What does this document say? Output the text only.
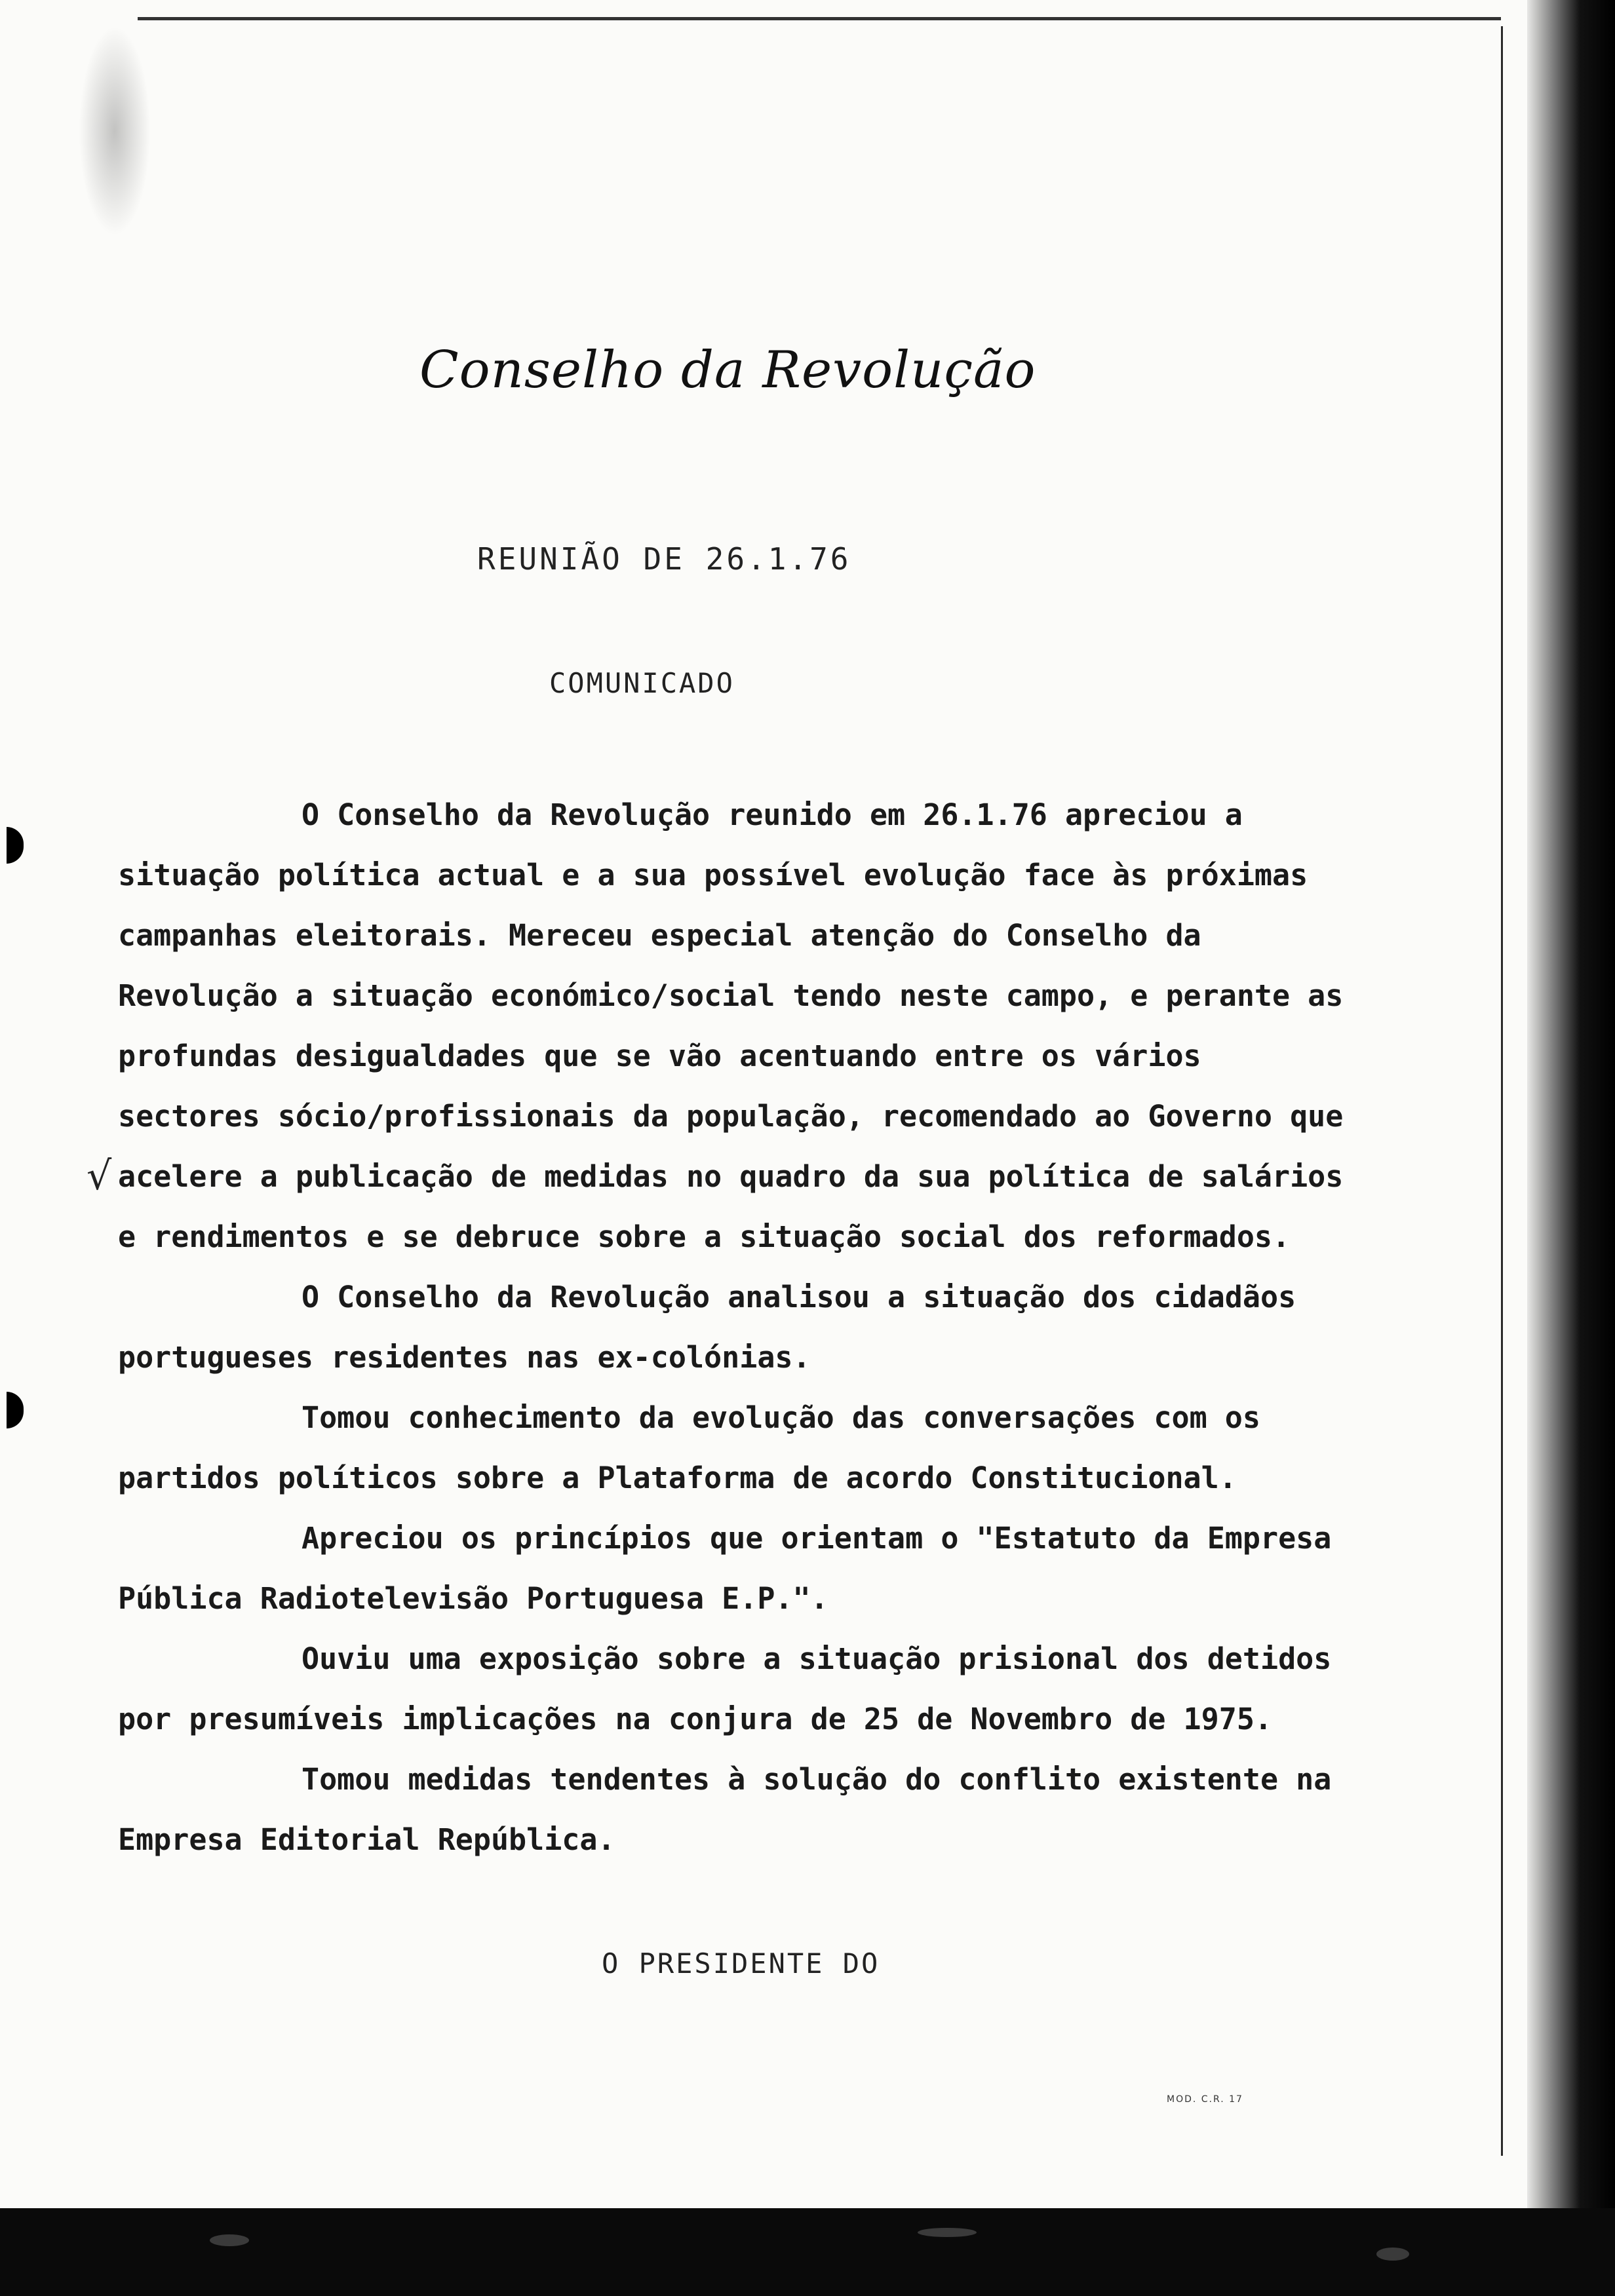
√
Conselho da Revolução
REUNIÃO DE 26.1.76
COMUNICADO

O Conselho da Revolução reunido em 26.1.76 apreciou a situação política actual e a sua possível evolução face às próximas campanhas eleitorais. Mereceu especial atenção do Conselho da Revolução a situação económico/social tendo neste campo, e perante as profundas desigualdades que se vão acentuando entre os vários sectores sócio/profissionais da população, recomendado ao Governo que acelere a publicação de medidas no quadro da sua política de salários e rendimentos e se debruce sobre a situação social dos reformados.

O Conselho da Revolução analisou a situação dos cidadãos portugueses residentes nas ex-colónias.

Tomou conhecimento da evolução das conversações com os partidos políticos sobre a Plataforma de acordo Constitucional.

Apreciou os princípios que orientam o "Estatuto da Empresa Pública Radiotelevisão Portuguesa E.P.".

Ouviu uma exposição sobre a situação prisional dos detidos por presumíveis implicações na conjura de 25 de Novembro de 1975.

Tomou medidas tendentes à solução do conflito existente na Empresa Editorial República.

O PRESIDENTE DO
MOD. C.R. 17
